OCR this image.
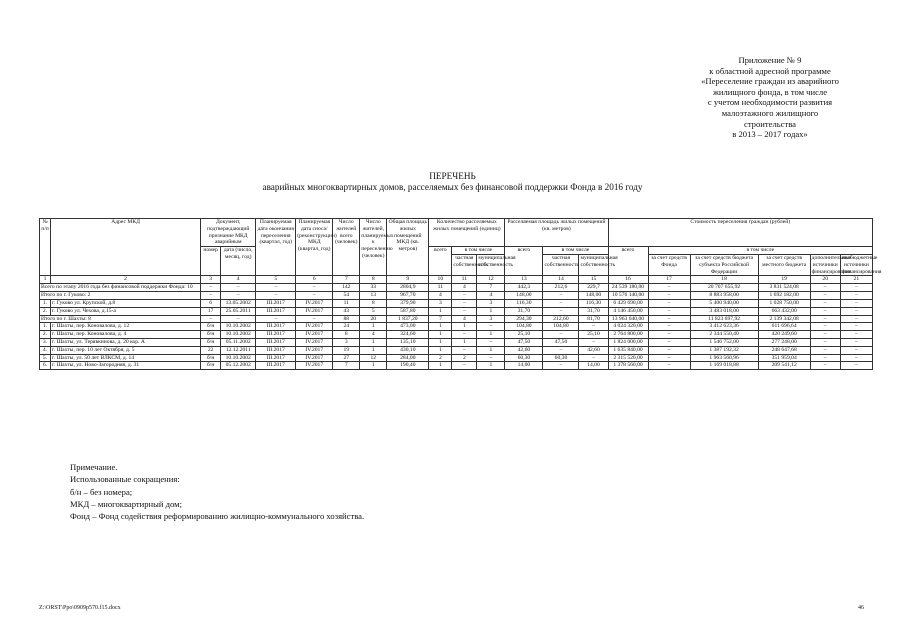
Приложение № 9
к областной адресной программе
«Переселение граждан из аварийного
жилищного фонда, в том числе
с учетом необходимости развития
малоэтажного жилищного
строительства
в 2013 – 2017 годах»
ПЕРЕЧЕНЬ
аварийных многоквартирных домов, расселяемых без финансовой поддержки Фонда в 2016 году
№ п/п	Адрес МКД	Документ, подтверждающий признание МКД аварийным		Планируемая дата окончания переселения (квартал, год)	Планируемая дата сноса/ (реконструкции) МКД (квартал, год)	Число жителей всего (человек)	Число жителей, планируемых к переселению (человек)	Общая площадь жилых помещений МКД (кв. метров)	Количество расселяемых жилых помещений (единиц)			Расселяемая площадь жилых помещений (кв. метров)			Стоимость переселения граждан (рублей)					
		номер	дата (число, месяц, год)						всего	в том числе		всего	в том числе		всего	в том числе				
										частная собственность	муниципальная собственность		частная собственность	муниципальная собственность		за счет средств Фонда	за счет средств бюджета субъекта Российской Федерации	за счет средств местного бюджета	дополнительные источники финансирования	внебюджетные источники финансирования
1	2	3	4	5	6	7	8	9	10	11	12	13	14	15	16	17	18	19	20	21
Всего по этапу 2016 года без финансовой поддержки Фонда: 10		–	–	–	–	142	33	2804,9	11	4	7	442,3	212,6	229,7	24 539 180,00	–	20 707 655,92	3 831 524,08	–	–
Итого по г. Гуково: 2		–	–	–	–	54	13	967,70	4	–	4	148,00	–	148,00	10 576 140,00	–	8 883 958,00	1 692 182,00	–	–
1.	г. Гуково ул. Крупской, д.8	6	13.05.2002	III.2017	IV.2017	11	8	379,90	3	–	3	116,30	–	116,30	6 429 690,00	–	5 400 940,00	1 028 750,00	–	–
2.	г. Гуково ул. Чехова, д.15-а	17	25.05.2011	III.2017	IV.2017	43	5	587,80	1	–	1	31,70	–	31,70	4 146 450,00	–	3 483 018,00	663 432,00	–	–
Итого по г. Шахты: 8		–	–	–	–	88	20	1 837,20	7	4	3	294,30	212,60	81,70	13 963 040,00	–	11 823 697,92	2 139 342,08	–	–
1.	г. Шахты, пер. Коновалова, д. 12	б/н	10.10.2002	III.2017	IV.2017	24	1	473,00	1	1	–	104,80	104,80	–	4 024 320,00	–	3 412 623,36	611 696,64	–	–
2.	г. Шахты, пер. Коновалова, д. 4	б/н	10.10.2002	III.2017	IV.2017	8	4	324,60	1	–	1	25,10	–	25,10	2 764 800,00	–	2 344 550,40	420 249,60	–	–
3.	г. Шахты, ул. Терявкинова, д. 20 кор. А	б/н	05.11.2002	III.2017	IV.2017	3	1	135,10	1	1	–	47,50	47,50	–	1 824 000,00	–	1 546 752,00	277 248,00	–	–
4.	г. Шахты, пер. 10 лет Октября, д. 5	22	12.12.2011	III.2017	IV.2017	19	1	430,10	1	–	1	42,60	–	42,60	1 635 840,00	–	1 387 192,32	248 647,68	–	–
5.	г. Шахты, ул. 50 лет ВЛКСМ, д. 14	б/н	10.10.2002	III.2017	IV.2017	27	12	284,00	2	2	–	60,30	60,30	–	2 315 520,00	–	1 963 560,96	351 959,04	–	–
6.	г. Шахты, ул. Ново-Загородняя, д. 31	б/н	05.12.2002	III.2017	IV.2017	7	1	190,40	1	–	1	14,00	–	14,00	1 378 560,00	–	1 169 018,88	209 541,12	–	–
Примечание.
Использованные сокращения:
б/н – без номера;
МКД – многоквартирный дом;
Фонд – Фонд содействия реформированию жилищно-коммунального хозяйства.
Z:\ORST\Ppo\0909p570.f15.docx	46
